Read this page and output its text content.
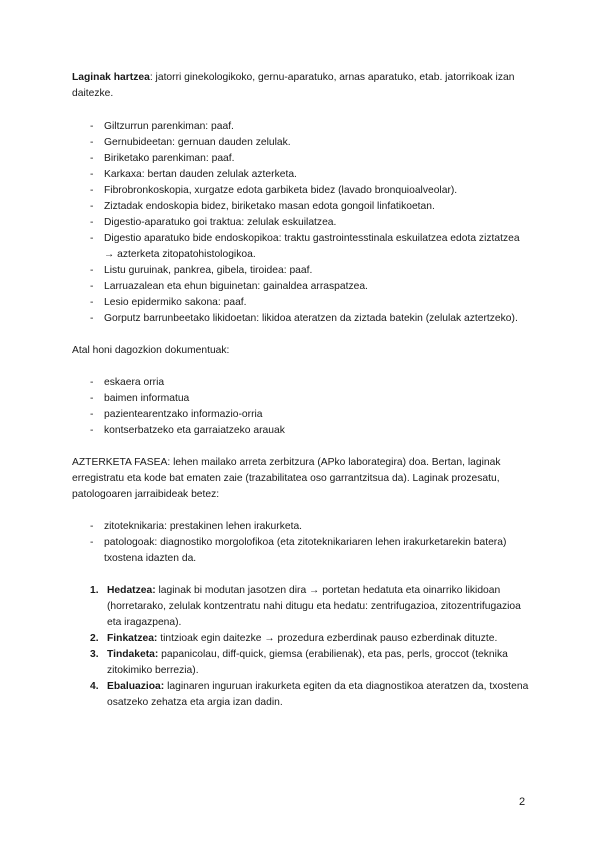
Laginak hartzea: jatorri ginekologikoko, gernu-aparatuko, arnas aparatuko, etab. jatorrikoak izan daitezke.

- Giltzurrun parenkiman: paaf.
- Gernubideetan: gernuan dauden zelulak.
- Biriketako parenkiman: paaf.
- Karkaxa: bertan dauden zelulak azterketa.
- Fibrobronkoskopia, xurgatze edota garbiketa bidez (lavado bronquioalveolar).
- Ziztadak endoskopia bidez, biriketako masan edota gongoil linfatikoetan.
- Digestio-aparatuko goi traktua: zelulak eskuilatzea.
- Digestio aparatuko bide endoskopikoa: traktu gastrointesstinala eskuilatzea edota ziztatzea → azterketa zitopatohistologikoa.
- Listu guruinak, pankrea, gibela, tiroidea: paaf.
- Larruazalean eta ehun biguinetan: gainaldea arraspatzea.
- Lesio epidermiko sakona: paaf.
- Gorputz barrunbeetako likidoetan: likidoa ateratzen da ziztada batekin (zelulak aztertzeko).

Atal honi dagozkion dokumentuak:

- eskaera orria
- baimen informatua
- pazientearentzako informazio-orria
- kontserbatzeko eta garraiatzeko arauak

AZTERKETA FASEA: lehen mailako arreta zerbitzura (APko laborategira) doa. Bertan, laginak erregistratu eta kode bat ematen zaie (trazabilitatea oso garrantzitsua da). Laginak prozesatu, patologoaren jarraibideak betez:

- zitoteknikaria: prestakinen lehen irakurketa.
- patologoak: diagnostiko morgolofikoa (eta zitoteknikariaren lehen irakurketarekin batera) txostena idazten da.
1. Hedatzea: laginak bi modutan jasotzen dira → portetan hedatuta eta oinarriko likidoan (horretarako, zelulak kontzentratu nahi ditugu eta hedatu: zentrifugazioa, zitozentrifugazioa eta iragazpena).
2. Finkatzea: tintzioak egin daitezke → prozedura ezberdinak pauso ezberdinak dituzte.
3. Tindaketa: papanicolau, diff-quick, giemsa (erabilienak), eta pas, perls, groccot (teknika zitokimiko berrezia).
4. Ebaluazioa: laginaren inguruan irakurketa egiten da eta diagnostikoa ateratzen da, txostena osatzeko zehatza eta argia izan dadin.
2
